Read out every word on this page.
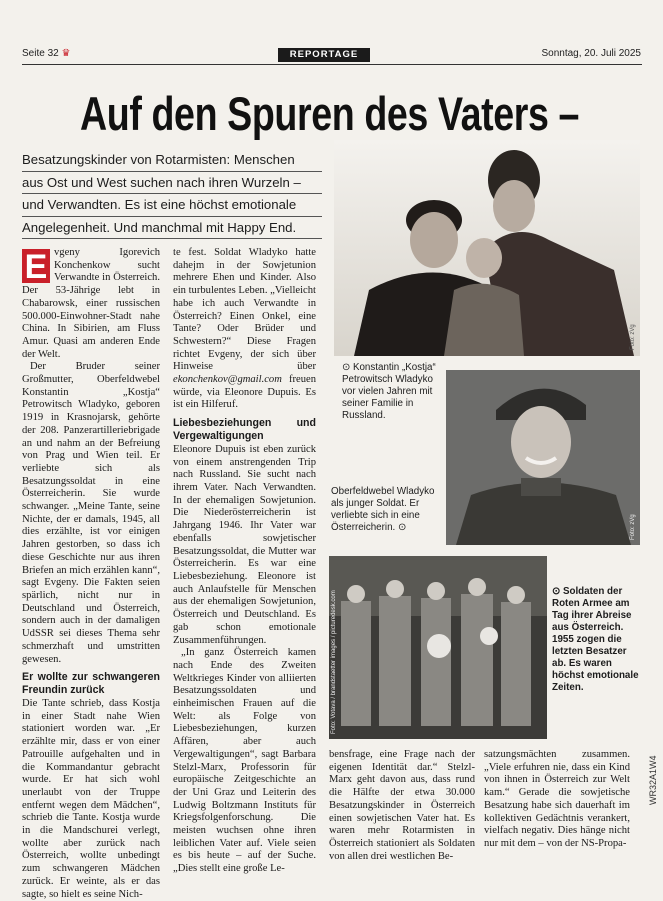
Seite 32 ♛	REPORTAGE	Sonntag, 20. Juli 2025
Auf den Spuren des Vaters –
Besatzungskinder von Rotarmisten: Menschen
aus Ost und West suchen nach ihren Wurzeln –
und Verwandten. Es ist eine höchst emotionale
Angelegenheit. Und manchmal mit Happy End.
Foto: zVg
⊙ Konstantin „Kostja“ Petrowitsch Wladyko vor vielen Jahren mit seiner Familie in Russland.
Foto: zVg
Oberfeldwebel Wladyko als junger Soldat. Er verliebte sich in eine Österreicherin. ⊙
Foto: Votava / brandstaetter images / picturedesk.com	⊙ Soldaten der Roten Armee am Tag ihrer Abreise aus Österreich. 1955 zogen die letzten Besatzer ab. Es waren höchst emotionale Zeiten.

E vgeny Igorevich Konchenkow sucht Verwandte in Österreich. Der 53-Jährige lebt in Chabarowsk, einer russischen 500.000-Einwohner-Stadt nahe China. In Sibirien, am Fluss Amur. Quasi am anderen Ende der Welt.

Der Bruder seiner Großmutter, Oberfeldwebel Konstantin „Kostja“ Petrowitsch Wladyko, geboren 1919 in Krasnojarsk, gehörte der 208. Panzerartilleriebrigade an und nahm an der Befreiung von Prag und Wien teil. Er verliebte sich als Besatzungssoldat in eine Österreicherin. Sie wurde schwanger. „Meine Tante, seine Nichte, der er damals, 1945, all dies erzählte, ist vor einigen Jahren gestorben, so dass ich diese Geschichte nur aus ihren Briefen an mich erzählen kann“, sagt Evgeny. Die Fakten seien spärlich, nicht nur in Deutschland und Österreich, sondern auch in der damaligen UdSSR sei dieses Thema sehr schmerzhaft und umstritten gewesen.

Er wollte zur schwangeren Freundin zurück

Die Tante schrieb, dass Kostja in einer Stadt nahe Wien stationiert worden war. „Er erzählte mir, dass er von einer Patrouille aufgehalten und in die Kommandantur gebracht wurde. Er hat sich wohl unerlaubt von der Truppe entfernt wegen dem Mädchen“, schrieb die Tante. Kostja wurde in die Mandschurei verlegt, wollte aber zurück nach Österreich, wollte unbedingt zum schwangeren Mädchen zurück. Er weinte, als er das sagte, so hielt es seine Nich-

te fest. Soldat Wladyko hatte dahejm in der Sowjetunion mehrere Ehen und Kinder. Also ein turbulentes Leben. „Vielleicht habe ich auch Verwandte in Österreich? Einen Onkel, eine Tante? Oder Brüder und Schwestern?“ Diese Fragen richtet Evgeny, der sich über Hinweise über ekonchenkov@gmail.com freuen würde, via Eleonore Dupuis. Es ist ein Hilferuf.

Liebesbeziehungen und Vergewaltigungen

Eleonore Dupuis ist eben zurück von einem anstrengenden Trip nach Russland. Sie sucht nach ihrem Vater. Nach Verwandten. In der ehemaligen Sowjetunion. Die Niederösterreicherin ist Jahrgang 1946. Ihr Vater war ebenfalls sowjetischer Besatzungssoldat, die Mutter war Österreicherin. Es war eine Liebesbeziehung. Eleonore ist auch Anlaufstelle für Menschen aus der ehemaligen Sowjetunion, Österreich und Deutschland. Es gab schon emotionale Zusammenführungen.

„In ganz Österreich kamen nach Ende des Zweiten Weltkrieges Kinder von alliierten Besatzungssoldaten und einheimischen Frauen auf die Welt: als Folge von Liebesbeziehungen, kurzen Affären, aber auch Vergewaltigungen“, sagt Barbara Stelzl-Marx, Professorin für europäische Zeitgeschichte an der Uni Graz und Leiterin des Ludwig Boltzmann Instituts für Kriegsfolgenforschung. Die meisten wuchsen ohne ihren leiblichen Vater auf. Viele seien es bis heute – auf der Suche. „Dies stellt eine große Le-

bensfrage, eine Frage nach der eigenen Identität dar.“ Stelzl-Marx geht davon aus, dass rund die Hälfte der etwa 30.000 Besatzungskinder in Österreich einen sowjetischen Vater hat. Es waren mehr Rotarmisten in Österreich stationiert als Soldaten von allen drei westlichen Be-

satzungsmächten zusammen. „Viele erfuhren nie, dass ein Kind von ihnen in Österreich zur Welt kam.“ Gerade die sowjetische Besatzung habe sich dauerhaft im kollektiven Gedächtnis verankert, vielfach negativ. Dies hänge nicht nur mit dem – von der NS-Propa-

WR32A1W4
